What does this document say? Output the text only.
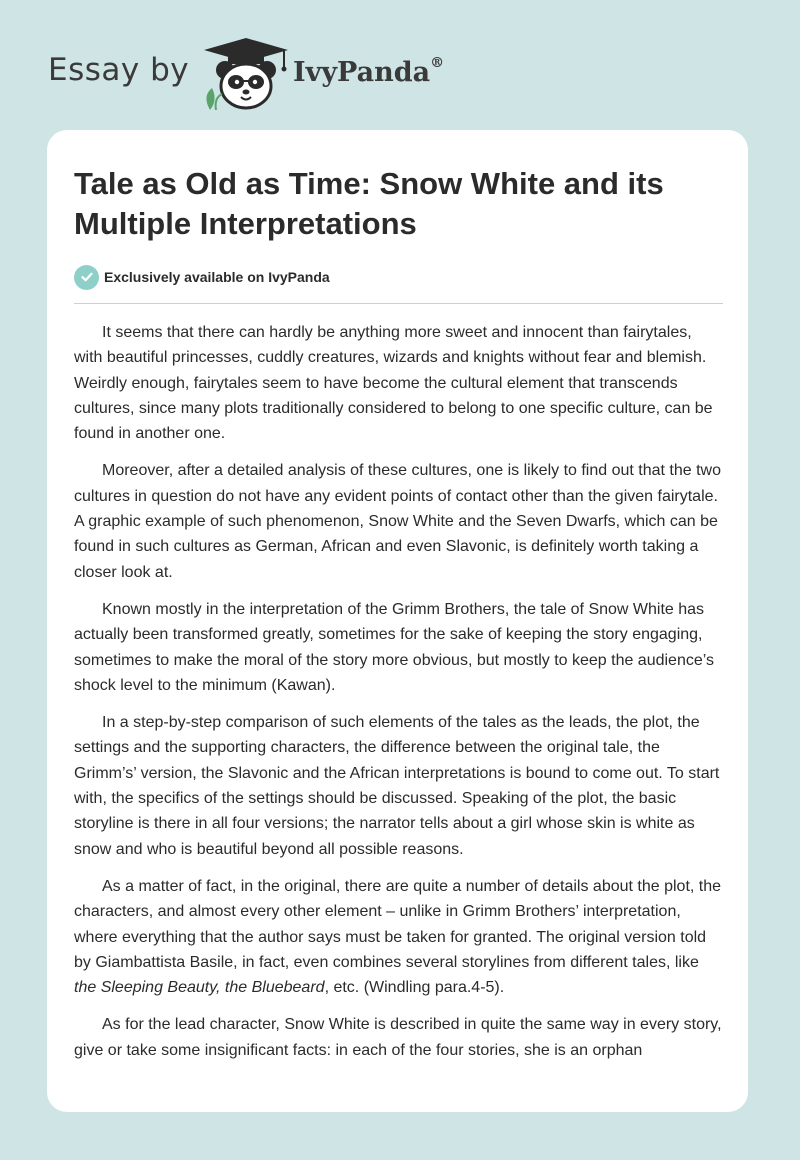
Essay by	IvyPanda®
Tale as Old as Time: Snow White and its Multiple Interpretations
Exclusively available on IvyPanda

It seems that there can hardly be anything more sweet and innocent than fairytales, with beautiful princesses, cuddly creatures, wizards and knights without fear and blemish. Weirdly enough, fairytales seem to have become the cultural element that transcends cultures, since many plots traditionally considered to belong to one specific culture, can be found in another one.

Moreover, after a detailed analysis of these cultures, one is likely to find out that the two cultures in question do not have any evident points of contact other than the given fairytale. A graphic example of such phenomenon, Snow White and the Seven Dwarfs, which can be found in such cultures as German, African and even Slavonic, is definitely worth taking a closer look at.

Known mostly in the interpretation of the Grimm Brothers, the tale of Snow White has actually been transformed greatly, sometimes for the sake of keeping the story engaging, sometimes to make the moral of the story more obvious, but mostly to keep the audience’s shock level to the minimum (Kawan).

In a step-by-step comparison of such elements of the tales as the leads, the plot, the settings and the supporting characters, the difference between the original tale, the Grimm’s’ version, the Slavonic and the African interpretations is bound to come out. To start with, the specifics of the settings should be discussed. Speaking of the plot, the basic storyline is there in all four versions; the narrator tells about a girl whose skin is white as snow and who is beautiful beyond all possible reasons.

As a matter of fact, in the original, there are quite a number of details about the plot, the characters, and almost every other element – unlike in Grimm Brothers’ interpretation, where everything that the author says must be taken for granted. The original version told by Giambattista Basile, in fact, even combines several storylines from different tales, like the Sleeping Beauty, the Bluebeard, etc. (Windling para.4-5).

As for the lead character, Snow White is described in quite the same way in every story, give or take some insignificant facts: in each of the four stories, she is an orphan
